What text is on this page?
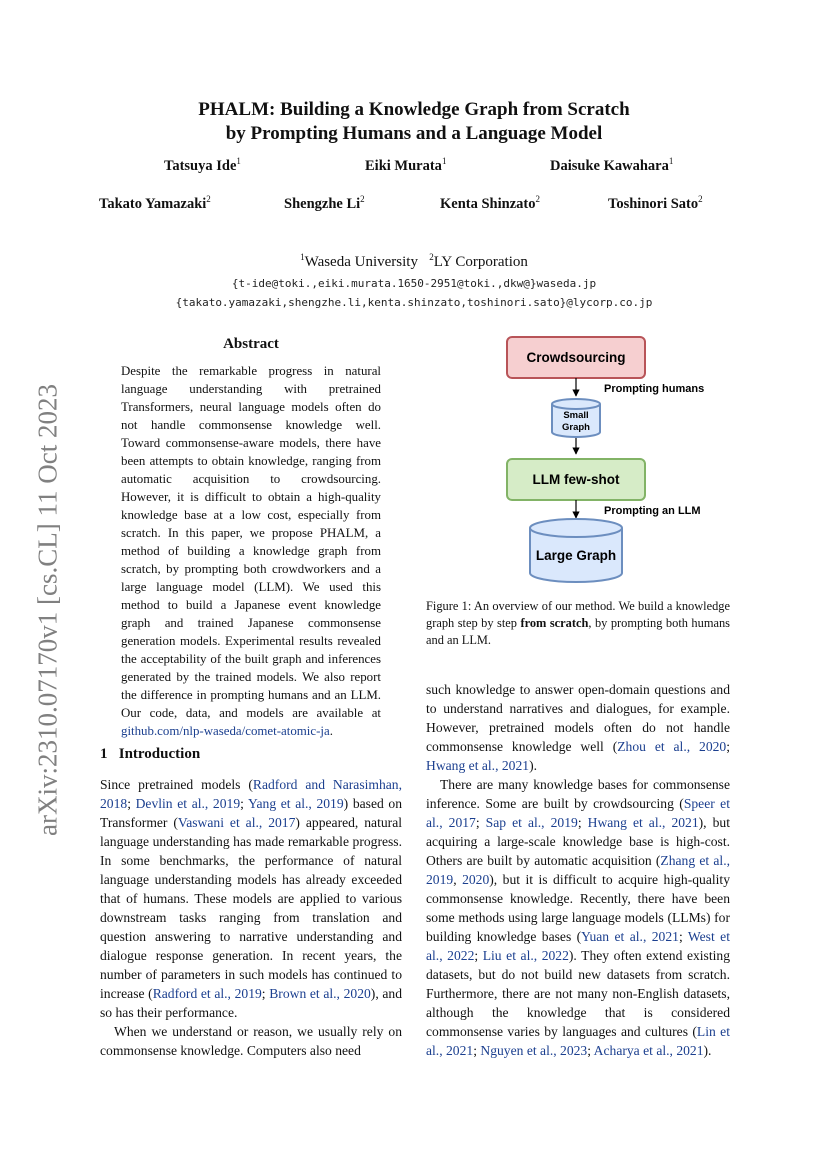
arXiv:2310.07170v1 [cs.CL] 11 Oct 2023
PHALM: Building a Knowledge Graph from Scratch
by Prompting Humans and a Language Model
Tatsuya Ide$^1$	Eiki Murata$^1$	Daisuke Kawahara$^1$
Takato Yamazaki$^2$	Shengzhe Li$^2$	Kenta Shinzato$^2$	Toshinori Sato$^2$
$^1$Waseda University $^2$LY Corporation
{t-ide@toki.,eiki.murata.1650-2951@toki.,dkw@}waseda.jp
{takato.yamazaki,shengzhe.li,kenta.shinzato,toshinori.sato}@lycorp.co.jp
Abstract
Despite the remarkable progress in natural language understanding with pretrained Transformers, neural language models often do not handle commonsense knowledge well. Toward commonsense-aware models, there have been attempts to obtain knowledge, ranging from automatic acquisition to crowdsourcing. However, it is difficult to obtain a high-quality knowledge base at a low cost, especially from scratch. In this paper, we propose PHALM, a method of building a knowledge graph from scratch, by prompting both crowdworkers and a large language model (LLM). We used this method to build a Japanese event knowledge graph and trained Japanese commonsense generation models. Experimental results revealed the acceptability of the built graph and inferences generated by the trained models. We also report the difference in prompting humans and an LLM. Our code, data, and models are available at github.com/nlp-waseda/comet-atomic-ja.
1 Introduction

Since pretrained models (Radford and Narasimhan, 2018; Devlin et al., 2019; Yang et al., 2019) based on Transformer (Vaswani et al., 2017) appeared, natural language understanding has made remarkable progress. In some benchmarks, the performance of natural language understanding models has already exceeded that of humans. These models are applied to various downstream tasks ranging from translation and question answering to narrative understanding and dialogue response generation. In recent years, the number of parameters in such models has continued to increase (Radford et al., 2019; Brown et al., 2020), and so has their performance.

When we understand or reason, we usually rely on commonsense knowledge. Computers also need

Crowdsourcing
Prompting humans
Small
Graph
LLM few-shot
Prompting an LLM
Large Graph
Figure 1: An overview of our method. We build a knowledge graph step by step from scratch, by prompting both humans and an LLM.

such knowledge to answer open-domain questions and to understand narratives and dialogues, for example. However, pretrained models often do not handle commonsense knowledge well (Zhou et al., 2020; Hwang et al., 2021).

There are many knowledge bases for commonsense inference. Some are built by crowdsourcing (Speer et al., 2017; Sap et al., 2019; Hwang et al., 2021), but acquiring a large-scale knowledge base is high-cost. Others are built by automatic acquisition (Zhang et al., 2019, 2020), but it is difficult to acquire high-quality commonsense knowledge. Recently, there have been some methods using large language models (LLMs) for building knowledge bases (Yuan et al., 2021; West et al., 2022; Liu et al., 2022). They often extend existing datasets, but do not build new datasets from scratch. Furthermore, there are not many non-English datasets, although the knowledge that is considered commonsense varies by languages and cultures (Lin et al., 2021; Nguyen et al., 2023; Acharya et al., 2021).
